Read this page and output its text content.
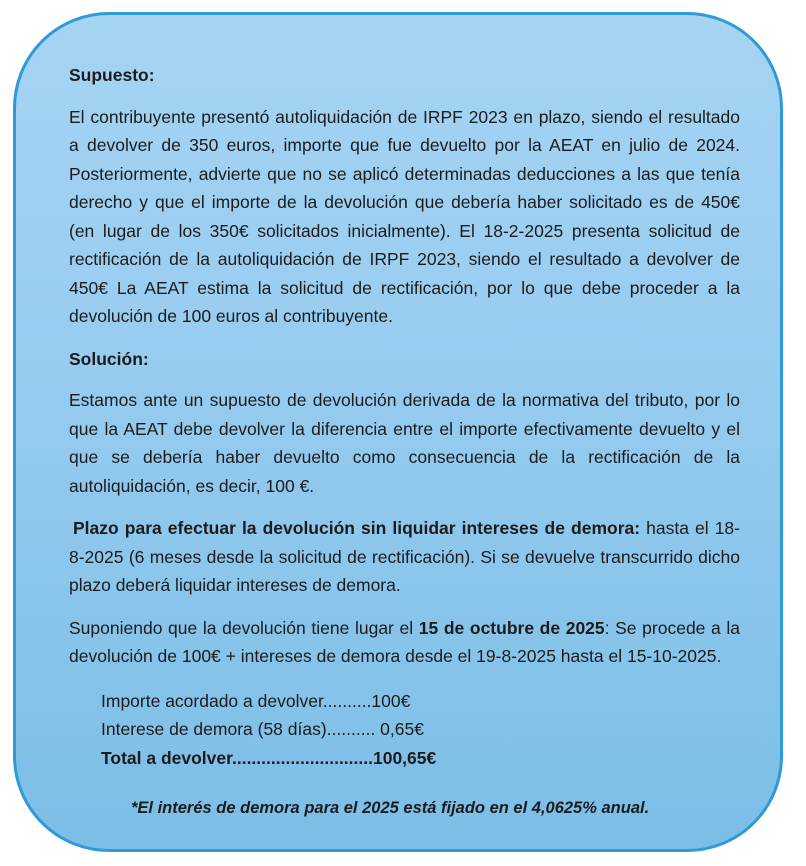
Supuesto:

El contribuyente presentó autoliquidación de IRPF 2023 en plazo, siendo el resultado a devolver de 350 euros, importe que fue devuelto por la AEAT en julio de 2024. Posteriormente, advierte que no se aplicó determinadas deducciones a las que tenía derecho y que el importe de la devolución que debería haber solicitado es de 450€ (en lugar de los 350€ solicitados inicialmente). El 18-2-2025 presenta solicitud de rectificación de la autoliquidación de IRPF 2023, siendo el resultado a devolver de 450€ La AEAT estima la solicitud de rectificación, por lo que debe proceder a la devolución de 100 euros al contribuyente.

Solución:

Estamos ante un supuesto de devolución derivada de la normativa del tributo, por lo que la AEAT debe devolver la diferencia entre el importe efectivamente devuelto y el que se debería haber devuelto como consecuencia de la rectificación de la autoliquidación, es decir, 100 €.

Plazo para efectuar la devolución sin liquidar intereses de demora: hasta el 18-8-2025 (6 meses desde la solicitud de rectificación). Si se devuelve transcurrido dicho plazo deberá liquidar intereses de demora.

Suponiendo que la devolución tiene lugar el 15 de octubre de 2025: Se procede a la devolución de 100€ + intereses de demora desde el 19-8-2025 hasta el 15-10-2025.

Importe acordado a devolver..........100€
Interese de demora (58 días).......... 0,65€
Total a devolver.............................100,65€

*El interés de demora para el 2025 está fijado en el 4,0625% anual.
